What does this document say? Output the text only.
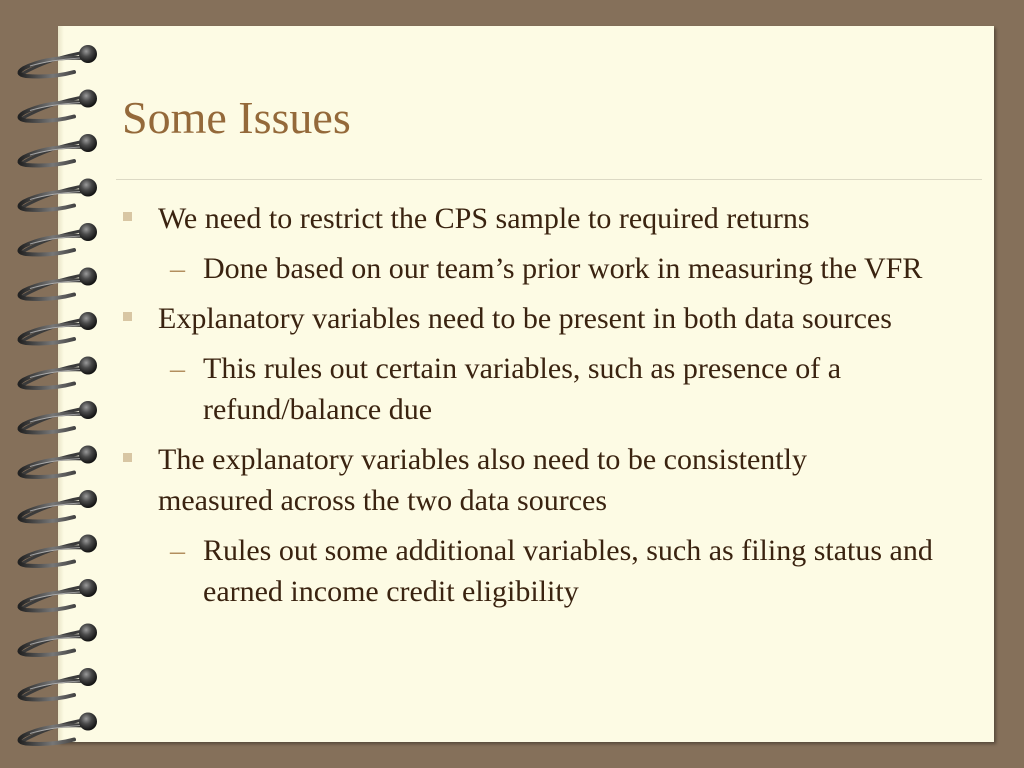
Some Issues
We need to restrict the CPS sample to required returns
– Done based on our team’s prior work in measuring the VFR
Explanatory variables need to be present in both data sources
– This rules out certain variables, such as presence of a refund/balance due
The explanatory variables also need to be consistently measured across the two data sources
– Rules out some additional variables, such as filing status and earned income credit eligibility
